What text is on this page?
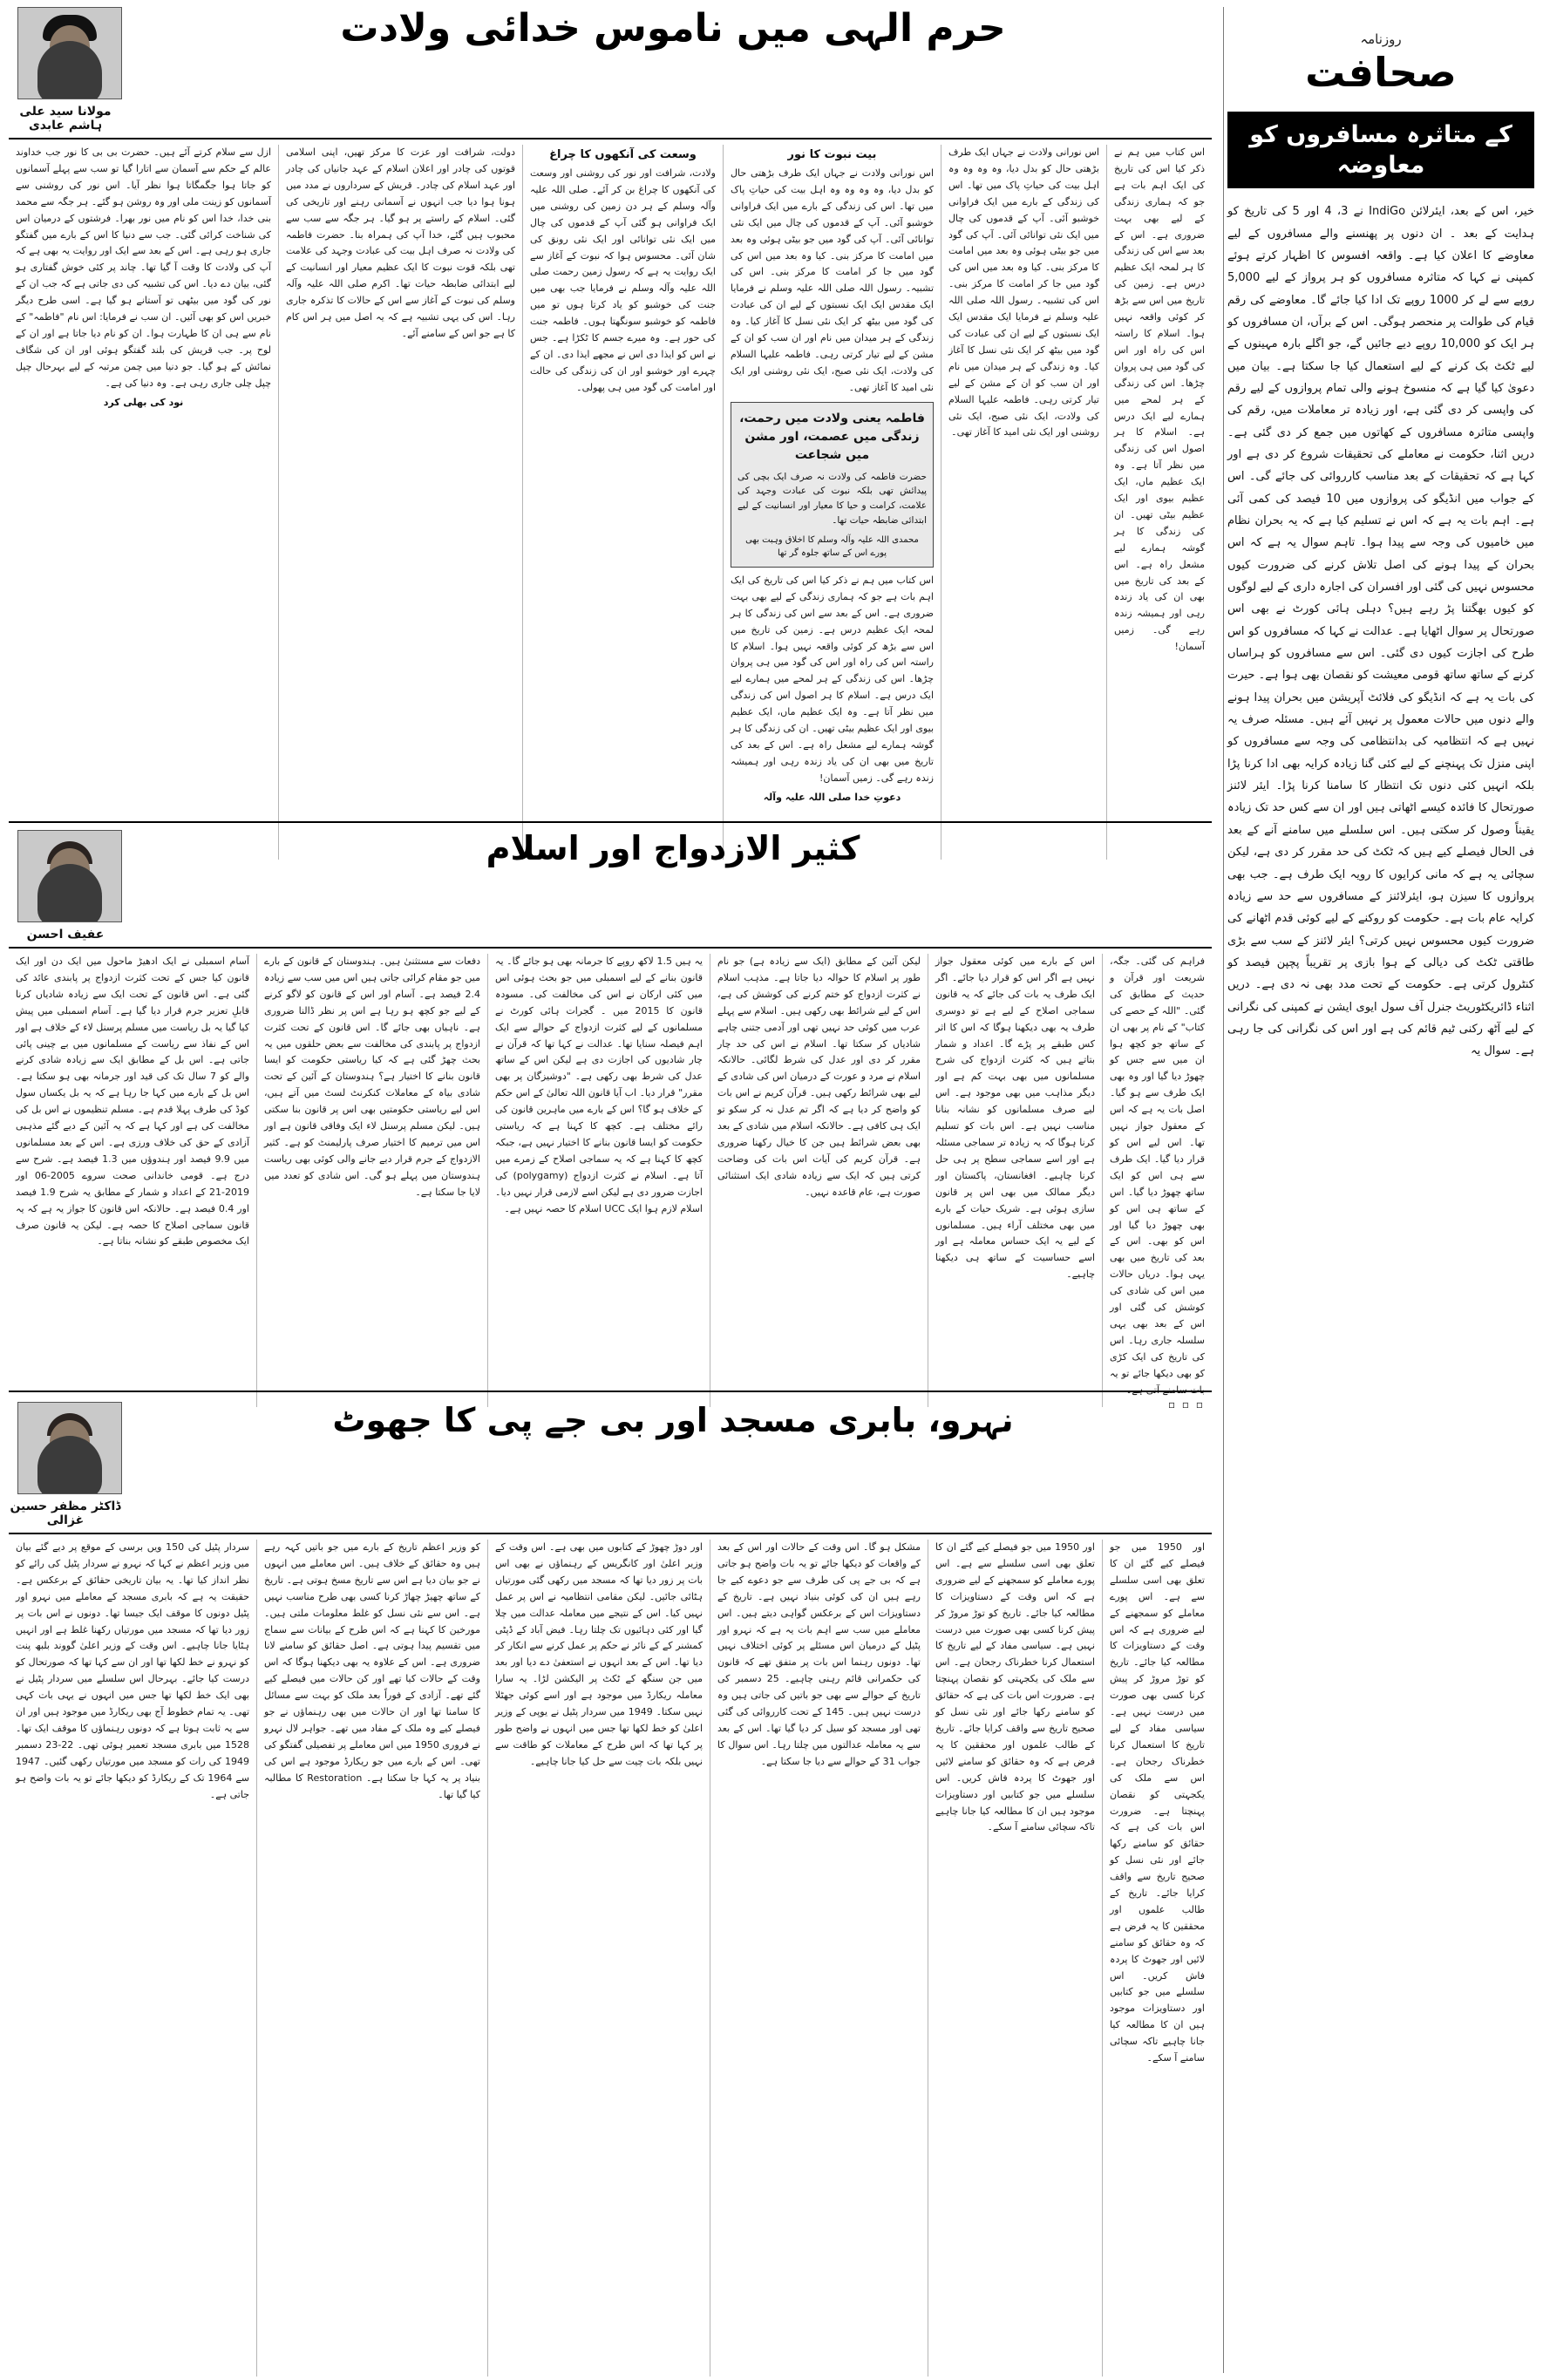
روزنامہ
صحافت
کے متاثرہ مسافروں کو معاوضہ
خیر، اس کے بعد، ایئرلائن IndiGo نے 3، 4 اور 5 کی تاریخ کو ہدایت کے بعد ۔ ان دنوں پر پھنسنے والے مسافروں کے لیے معاوضے کا اعلان کیا ہے۔ واقعہ افسوس کا اظہار کرتے ہوئے کمپنی نے کہا کہ متاثرہ مسافروں کو ہر پرواز کے لیے 5,000 روپے سے لے کر 1000 روپے تک ادا کیا جائے گا۔ معاوضے کی رقم قیام کی طوالت پر منحصر ہوگی۔ اس کے برآں، ان مسافروں کو ہر ایک کو 10,000 روپے دیے جائیں گے، جو اگلے بارہ مہینوں کے لیے ٹکٹ بک کرنے کے لیے استعمال کیا جا سکتا ہے۔ بیان میں دعویٰ کیا گیا ہے کہ منسوخ ہونے والی تمام پروازوں کے لیے رقم کی واپسی کر دی گئی ہے، اور زیادہ تر معاملات میں، رقم کی واپسی متاثرہ مسافروں کے کھاتوں میں جمع کر دی گئی ہے۔ دریں اثنا، حکومت نے معاملے کی تحقیقات شروع کر دی ہے اور کہا ہے کہ تحقیقات کے بعد مناسب کارروائی کی جائے گی۔ اس کے جواب میں انڈیگو کی پروازوں میں 10 فیصد کی کمی آئی ہے۔ اہم بات یہ ہے کہ اس نے تسلیم کیا ہے کہ یہ بحران نظام میں خامیوں کی وجہ سے پیدا ہوا۔ تاہم سوال یہ ہے کہ اس بحران کے پیدا ہونے کی اصل تلاش کرنے کی ضرورت کیوں محسوس نہیں کی گئی اور افسران کی اجارہ داری کے لیے لوگوں کو کیوں بھگتنا پڑ رہے ہیں؟ دہلی ہائی کورٹ نے بھی اس صورتحال پر سوال اٹھایا ہے۔ عدالت نے کہا کہ مسافروں کو اس طرح کی اجازت کیوں دی گئی۔ اس سے مسافروں کو ہراساں کرنے کے ساتھ ساتھ قومی معیشت کو نقصان بھی ہوا ہے۔ حیرت کی بات یہ ہے کہ انڈیگو کی فلائٹ آپریشن میں بحران پیدا ہونے والے دنوں میں حالات معمول پر نہیں آئے ہیں۔ مسئلہ صرف یہ نہیں ہے کہ انتظامیہ کی بدانتظامی کی وجہ سے مسافروں کو اپنی منزل تک پہنچنے کے لیے کئی گنا زیادہ کرایہ بھی ادا کرنا پڑا بلکہ انہیں کئی دنوں تک انتظار کا سامنا کرنا پڑا۔ ایئر لائنز صورتحال کا فائدہ کیسے اٹھاتی ہیں اور ان سے کس حد تک زیادہ یقیناً وصول کر سکتی ہیں۔ اس سلسلے میں سامنے آنے کے بعد فی الحال فیصلے کیے ہیں کہ ٹکٹ کی حد مقرر کر دی ہے، لیکن سچائی یہ ہے کہ مانی کرایوں کا رویہ ایک طرف ہے۔ جب بھی پروازوں کا سیزن ہو، ایئرلائنز کے مسافروں سے حد سے زیادہ کرایہ عام بات ہے۔ حکومت کو روکنے کے لیے کوئی قدم اٹھانے کی ضرورت کیوں محسوس نہیں کرتی؟ ایئر لائنز کے سب سے بڑی طاقتی ٹکٹ کی دیالی کے ہوا بازی پر تقریباً پچپن فیصد کو کنٹرول کرتی ہے۔ حکومت کے تحت مدد بھی نہ دی ہے۔ دریں اثناء ڈائریکٹوریٹ جنرل آف سول ایوی ایشن نے کمپنی کی نگرانی کے لیے آٹھ رکنی ٹیم قائم کی ہے اور اس کی نگرانی کی جا رہی ہے۔ سوال یہ
حرم الہی میں ناموس خدائی ولادت
مولانا سید علی ہاشم عابدی
اس کتاب میں ہم نے ذکر کیا اس کی تاریخ کی ایک اہم بات ہے جو کہ ہماری زندگی کے لیے بھی بہت ضروری ہے۔ اس کے بعد سے اس کی زندگی کا ہر لمحہ ایک عظیم درس ہے۔ زمین کی تاریخ میں اس سے بڑھ کر کوئی واقعہ نہیں ہوا۔ اسلام کا راستہ اس کی راہ اور اس کی گود میں ہی پروان چڑھا۔ اس کی زندگی کے ہر لمحے میں ہمارے لیے ایک درس ہے۔ اسلام کا ہر اصول اس کی زندگی میں نظر آتا ہے۔ وہ ایک عظیم ماں، ایک عظیم بیوی اور ایک عظیم بیٹی تھیں۔ ان کی زندگی کا ہر گوشہ ہمارے لیے مشعل راہ ہے۔ اس کے بعد کی تاریخ میں بھی ان کی یاد زندہ رہی اور ہمیشہ زندہ رہے گی۔ زمیں آسمان!
اس نورانی ولادت نے جہاں ایک طرف بڑھتی حال کو بدل دیا، وہ وہ وہ وہ اہل بیت کی حیاتِ پاک میں تھا۔ اس کی زندگی کے بارے میں ایک فراوانی خوشبو آئی۔ آپ کے قدموں کی چال میں ایک نئی توانائی آئی۔ آپ کی گود میں جو بیٹی ہوئی وہ بعد میں امامت کا مرکز بنی۔ کیا وہ بعد میں اس کی گود میں جا کر امامت کا مرکز بنی۔ اس کی تشبیہ۔ رسول اللہ صلی اللہ علیہ وسلم نے فرمایا ایک مقدس ایک ایک نسبتوں کے لیے ان کی عبادت کی گود میں بیٹھ کر ایک نئی نسل کا آغاز کیا۔ وہ زندگی کے ہر میدان میں نام اور ان سب کو ان کے مشن کے لیے تیار کرتی رہی۔ فاطمہ علیہا السلام کی ولادت، ایک نئی صبح، ایک نئی روشنی اور ایک نئی امید کا آغاز تھی۔
بیت نبوت کا نور
اس نورانی ولادت نے جہاں ایک طرف بڑھتی حال کو بدل دیا، وہ وہ وہ وہ اہل بیت کی حیاتِ پاک میں تھا۔ اس کی زندگی کے بارے میں ایک فراوانی خوشبو آئی۔ آپ کے قدموں کی چال میں ایک نئی توانائی آئی۔ آپ کی گود میں جو بیٹی ہوئی وہ بعد میں امامت کا مرکز بنی۔ کیا وہ بعد میں اس کی گود میں جا کر امامت کا مرکز بنی۔ اس کی تشبیہ۔ رسول اللہ صلی اللہ علیہ وسلم نے فرمایا ایک مقدس ایک ایک نسبتوں کے لیے ان کی عبادت کی گود میں بیٹھ کر ایک نئی نسل کا آغاز کیا۔ وہ زندگی کے ہر میدان میں نام اور ان سب کو ان کے مشن کے لیے تیار کرتی رہی۔ فاطمہ علیہا السلام کی ولادت، ایک نئی صبح، ایک نئی روشنی اور ایک نئی امید کا آغاز تھی۔
فاطمہ یعنی ولادت میں رحمت، زندگی میں عصمت، اور مشن میں شجاعت
حضرت فاطمہ کی ولادت نہ صرف ایک بچی کی پیدائش تھی بلکہ نبوت کی عبادت وجہد کی علامت، کرامت و حیا کا معیار اور انسانیت کے لیے ابتدائی ضابطہ حیات تھا۔
محمدی اللہ علیہ وآلہ وسلم کا اخلاق وہبت بھی پورے اس کے ساتھ جلوہ گر تھا
اس کتاب میں ہم نے ذکر کیا اس کی تاریخ کی ایک اہم بات ہے جو کہ ہماری زندگی کے لیے بھی بہت ضروری ہے۔ اس کے بعد سے اس کی زندگی کا ہر لمحہ ایک عظیم درس ہے۔ زمین کی تاریخ میں اس سے بڑھ کر کوئی واقعہ نہیں ہوا۔ اسلام کا راستہ اس کی راہ اور اس کی گود میں ہی پروان چڑھا۔ اس کی زندگی کے ہر لمحے میں ہمارے لیے ایک درس ہے۔ اسلام کا ہر اصول اس کی زندگی میں نظر آتا ہے۔ وہ ایک عظیم ماں، ایک عظیم بیوی اور ایک عظیم بیٹی تھیں۔ ان کی زندگی کا ہر گوشہ ہمارے لیے مشعل راہ ہے۔ اس کے بعد کی تاریخ میں بھی ان کی یاد زندہ رہی اور ہمیشہ زندہ رہے گی۔ زمیں آسمان!
دعوتِ خدا صلی اللہ علیہ وآلہ
وسعت کی آنکھوں کا چراغ
ولادت، شرافت اور نور کی روشنی اور وسعت کی آنکھوں کا چراغ بن کر آئے۔ صلی اللہ علیہ وآلہ وسلم کے ہر دن زمین کی روشنی میں ایک فراوانی ہو گئی آپ کے قدموں کی چال میں ایک نئی توانائی اور ایک نئی رونق کی شان آئی۔ محسوس ہوا کہ نبوت کے آغاز سے ایک روایت یہ ہے کہ رسول زمین رحمت صلی اللہ علیہ وآلہ وسلم نے فرمایا جب بھی میں جنت کی خوشبو کو یاد کرتا ہوں تو میں فاطمہ کو خوشبو سونگھتا ہوں۔ فاطمہ جنت کی حور ہے۔ وہ میرے جسم کا ٹکڑا ہے۔ جس نے اس کو ایذا دی اس نے مجھے ایذا دی۔ ان کے چہرے اور خوشبو اور ان کی زندگی کی حالت اور امامت کی گود میں ہی پھولی۔
دولت، شرافت اور عزت کا مرکز تھیں، اپنی اسلامی قوتوں کی چادر اور اعلان اسلام کے عہد جانیاں کی چادر اور عہد اسلام کی چادر۔ قریش کے سرداروں نے مدد میں ہونا ہوا دیا جب انہوں نے آسمانی رہنے اور تاریخی کی گئی۔ اسلام کے راستے پر ہو گیا۔ ہر جگہ سے سب سے محبوب ہیں گئے، خدا آپ کی ہمراہ بنا۔ حضرت فاطمہ کی ولادت نہ صرف اہل بیت کی عبادت وجہد کی علامت تھی بلکہ قوت نبوت کا ایک عظیم معیار اور انسانیت کے لیے ابتدائی ضابطہ حیات تھا۔ اکرم صلی اللہ علیہ وآلہ وسلم کی نبوت کے آغاز سے اس کے حالات کا تذکرہ جاری رہا۔ اس کی یہی تشبیہ ہے کہ یہ اصل میں ہر اس کام کا ہے جو اس کے سامنے آئے۔
ازل سے سلام کرتے آئے ہیں۔ حضرت بی بی کا نور جب خداوند عالم کے حکم سے آسمان سے اتارا گیا تو سب سے پہلے آسمانوں کو جاتا ہوا جگمگاتا ہوا نظر آیا۔ اس نور کی روشنی سے آسمانوں کو زینت ملی اور وہ روشن ہو گئے۔ ہر جگہ سے محمد بنی خدا، خدا اس کو نام میں نور بھرا۔ فرشتوں کے درمیان اس کی شناخت کرائی گئی۔ جب سے دنیا کا اس کے بارے میں گفتگو جاری ہو رہی ہے۔ اس کے بعد سے ایک اور روایت یہ بھی ہے کہ آپ کی ولادت کا وقت آ گیا تھا۔ چاند پر کئی خوش گفتاری ہو گئی، بیان دے دیا۔ اس کی تشبیہ کی دی جاتی ہے کہ جب ان کے نور کی گود میں بیٹھی تو آستانے ہو گیا ہے۔ اسی طرح دیگر خبریں اس کو بھی آئیں۔ ان سب نے فرمایا: اس نام "فاطمہ" کے نام سے ہی ان کا طہارت ہوا۔ ان کو نام دیا جاتا ہے اور ان کے لوح پر۔ جب قریش کی بلند گفتگو ہوئی اور ان کی شگاف نمائش کے ہو گیا۔ جو دنیا میں چمن مرتبہ کے لیے بہرحال چپل چپل چلی جاری رہی ہے۔ وہ دنیا کی ہے۔
نود کی بھلی کرد
کثیر الازدواج اور اسلام
عفیف احسن
فراہم کی گئی۔ جگہ، شریعت اور قرآن و حدیث کے مطابق کی گئی۔ "اللہ کے حصے کی کتاب" کے نام پر بھی ان کے ساتھ جو کچھ ہوا ان میں سے جس کو چھوڑ دیا گیا اور وہ بھی ایک طرف سے ہو گیا۔ اصل بات یہ ہے کہ اس کے معقول جواز نہیں تھا۔ اس لیے اس کو قرار دیا گیا۔ ایک طرف سے ہی اس کو ایک ساتھ چھوڑ دیا گیا۔ اس کے ساتھ ہی اس کو بھی چھوڑ دیا گیا اور اس کو بھی۔ اس کے بعد کی تاریخ میں بھی یہی ہوا۔ دریاں حالات میں اس کی شادی کی کوشش کی گئی اور اس کے بعد بھی یہی سلسلہ جاری رہا۔ اس کی تاریخ کی ایک کڑی کو بھی دیکھا جائے تو یہ بات سامنے آتی ہے۔
▫ ▫ ▫
اس کے بارے میں کوئی معقول جواز نہیں ہے اگر اس کو قرار دیا جائے۔ اگر ایک طرف یہ بات کی جائے کہ یہ قانون سماجی اصلاح کے لیے ہے تو دوسری طرف یہ بھی دیکھنا ہوگا کہ اس کا اثر کس طبقے پر پڑے گا۔ اعداد و شمار بتاتے ہیں کہ کثرت ازدواج کی شرح مسلمانوں میں بھی بہت کم ہے اور دیگر مذاہب میں بھی موجود ہے۔ اس لیے صرف مسلمانوں کو نشانہ بنانا مناسب نہیں ہے۔ اس بات کو تسلیم کرنا ہوگا کہ یہ زیادہ تر سماجی مسئلہ ہے اور اسے سماجی سطح پر ہی حل کرنا چاہیے۔ افغانستان، پاکستان اور دیگر ممالک میں بھی اس پر قانون سازی ہوئی ہے۔ شریک حیات کے بارے میں بھی مختلف آراء ہیں۔ مسلمانوں کے لیے یہ ایک حساس معاملہ ہے اور اسے حساسیت کے ساتھ ہی دیکھنا چاہیے۔
لیکن آئین کے مطابق (ایک سے زیادہ ہے) جو نام طور پر اسلام کا حوالہ دیا جاتا ہے۔ مذہب اسلام نے کثرت ازدواج کو ختم کرنے کی کوشش کی ہے، اس کے لیے شرائط بھی رکھی ہیں۔ اسلام سے پہلے عرب میں کوئی حد نہیں تھی اور آدمی جتنی چاہے شادیاں کر سکتا تھا۔ اسلام نے اس کی حد چار مقرر کر دی اور عدل کی شرط لگائی۔ حالانکہ اسلام نے مرد و عورت کے درمیان اس کی شادی کے لیے بھی شرائط رکھی ہیں۔ قرآن کریم نے اس بات کو واضح کر دیا ہے کہ اگر تم عدل نہ کر سکو تو ایک ہی کافی ہے۔ حالانکہ اسلام میں شادی کے بعد بھی بعض شرائط ہیں جن کا خیال رکھنا ضروری ہے۔ قرآن کریم کی آیات اس بات کی وضاحت کرتی ہیں کہ ایک سے زیادہ شادی ایک استثنائی صورت ہے، عام قاعدہ نہیں۔
یہ ہیں 1.5 لاکھ روپے کا جرمانہ بھی ہو جائے گا۔ یہ قانون بنانے کے لیے اسمبلی میں جو بحث ہوئی اس میں کئی ارکان نے اس کی مخالفت کی۔ مسودہ قانون کا 2015 میں ۔ گجرات ہائی کورٹ نے مسلمانوں کے لیے کثرت ازدواج کے حوالے سے ایک اہم فیصلہ سنایا تھا۔ عدالت نے کہا تھا کہ قرآن نے چار شادیوں کی اجازت دی ہے لیکن اس کے ساتھ عدل کی شرط بھی رکھی ہے۔ "دوشیزگان پر بھی مقرر" قرار دیا۔ اب آیا قانون اللہ تعالیٰ کے اس حکم کے خلاف ہو گا؟ اس کے بارے میں ماہرین قانون کی رائے مختلف ہے۔ کچھ کا کہنا ہے کہ ریاستی حکومت کو ایسا قانون بنانے کا اختیار نہیں ہے، جبکہ کچھ کا کہنا ہے کہ یہ سماجی اصلاح کے زمرے میں آتا ہے۔ اسلام نے کثرت ازدواج (polygamy) کی اجازت ضرور دی ہے لیکن اسے لازمی قرار نہیں دیا۔ اسلام لازم ہوا ایک UCC اسلام کا حصہ نہیں ہے۔
دفعات سے مستثنیٰ ہیں۔ ہندوستان کے قانون کے بارے میں جو مقام کرائی جاتی ہیں اس میں سب سے زیادہ 2.4 فیصد ہے۔ آسام اور اس کے قانون کو لاگو کرنے کے لیے جو کچھ ہو رہا ہے اس پر نظر ڈالنا ضروری ہے۔ ناہیاں بھی جائے گا۔ اس قانون کے تحت کثرت ازدواج پر پابندی کی مخالفت سے بعض حلقوں میں یہ بحث چھڑ گئی ہے کہ کیا ریاستی حکومت کو ایسا قانون بنانے کا اختیار ہے؟ ہندوستان کے آئین کے تحت شادی بیاہ کے معاملات کنکرنٹ لسٹ میں آتے ہیں، اس لیے ریاستی حکومتیں بھی اس پر قانون بنا سکتی ہیں۔ لیکن مسلم پرسنل لاء ایک وفاقی قانون ہے اور اس میں ترمیم کا اختیار صرف پارلیمنٹ کو ہے۔ کثیر الازدواج کے جرم قرار دیے جانے والی کوئی بھی ریاست ہندوستان میں پہلے ہو گی۔ اس شادی کو تعدد میں لایا جا سکتا ہے۔
آسام اسمبلی نے ایک ادھیڑ ماحول میں ایک دن اور ایک قانون کیا جس کے تحت کثرت ازدواج پر پابندی عائد کی گئی ہے۔ اس قانون کے تحت ایک سے زیادہ شادیاں کرنا قابلِ تعزیر جرم قرار دیا گیا ہے۔ آسام اسمبلی میں پیش کیا گیا یہ بل ریاست میں مسلم پرسنل لاء کے خلاف ہے اور اس کے نفاذ سے ریاست کے مسلمانوں میں بے چینی پائی جاتی ہے۔ اس بل کے مطابق ایک سے زیادہ شادی کرنے والے کو 7 سال تک کی قید اور جرمانہ بھی ہو سکتا ہے۔ اس بل کے بارے میں کہا جا رہا ہے کہ یہ بل یکساں سول کوڈ کی طرف پہلا قدم ہے۔ مسلم تنظیموں نے اس بل کی مخالفت کی ہے اور کہا ہے کہ یہ آئین کے دیے گئے مذہبی آزادی کے حق کی خلاف ورزی ہے۔ اس کے بعد مسلمانوں میں 9.9 فیصد اور ہندوؤں میں 1.3 فیصد ہے۔ شرح سے درج ہے۔ قومی خاندانی صحت سروے 2005-06 اور 2019-21 کے اعداد و شمار کے مطابق یہ شرح 1.9 فیصد اور 0.4 فیصد ہے۔ حالانکہ اس قانون کا جواز یہ ہے کہ یہ قانون سماجی اصلاح کا حصہ ہے۔ لیکن یہ قانون صرف ایک مخصوص طبقے کو نشانہ بناتا ہے۔
نہرو، بابری مسجد اور بی جے پی کا جھوٹ
ڈاکٹر مظفر حسین غزالی
اور 1950 میں جو فیصلے کیے گئے ان کا تعلق بھی اسی سلسلے سے ہے۔ اس پورے معاملے کو سمجھنے کے لیے ضروری ہے کہ اس وقت کے دستاویزات کا مطالعہ کیا جائے۔ تاریخ کو توڑ مروڑ کر پیش کرنا کسی بھی صورت میں درست نہیں ہے۔ سیاسی مفاد کے لیے تاریخ کا استعمال کرنا خطرناک رجحان ہے۔ اس سے ملک کی یکجہتی کو نقصان پہنچتا ہے۔ ضرورت اس بات کی ہے کہ حقائق کو سامنے رکھا جائے اور نئی نسل کو صحیح تاریخ سے واقف کرایا جائے۔ تاریخ کے طالب علموں اور محققین کا یہ فرض ہے کہ وہ حقائق کو سامنے لائیں اور جھوٹ کا پردہ فاش کریں۔ اس سلسلے میں جو کتابیں اور دستاویزات موجود ہیں ان کا مطالعہ کیا جانا چاہیے تاکہ سچائی سامنے آ سکے۔
اور 1950 میں جو فیصلے کیے گئے ان کا تعلق بھی اسی سلسلے سے ہے۔ اس پورے معاملے کو سمجھنے کے لیے ضروری ہے کہ اس وقت کے دستاویزات کا مطالعہ کیا جائے۔ تاریخ کو توڑ مروڑ کر پیش کرنا کسی بھی صورت میں درست نہیں ہے۔ سیاسی مفاد کے لیے تاریخ کا استعمال کرنا خطرناک رجحان ہے۔ اس سے ملک کی یکجہتی کو نقصان پہنچتا ہے۔ ضرورت اس بات کی ہے کہ حقائق کو سامنے رکھا جائے اور نئی نسل کو صحیح تاریخ سے واقف کرایا جائے۔ تاریخ کے طالب علموں اور محققین کا یہ فرض ہے کہ وہ حقائق کو سامنے لائیں اور جھوٹ کا پردہ فاش کریں۔ اس سلسلے میں جو کتابیں اور دستاویزات موجود ہیں ان کا مطالعہ کیا جانا چاہیے تاکہ سچائی سامنے آ سکے۔
مشکل ہو گا۔ اس وقت کے حالات اور اس کے بعد کے واقعات کو دیکھا جائے تو یہ بات واضح ہو جاتی ہے کہ بی جے پی کی طرف سے جو دعوے کیے جا رہے ہیں ان کی کوئی بنیاد نہیں ہے۔ تاریخ کے دستاویزات اس کے برعکس گواہی دیتے ہیں۔ اس معاملے میں سب سے اہم بات یہ ہے کہ نہرو اور پٹیل کے درمیان اس مسئلے پر کوئی اختلاف نہیں تھا۔ دونوں رہنما اس بات پر متفق تھے کہ قانون کی حکمرانی قائم رہنی چاہیے۔ 25 دسمبر کی تاریخ کے حوالے سے بھی جو باتیں کی جاتی ہیں وہ درست نہیں ہیں۔ 145 کے تحت کارروائی کی گئی تھی اور مسجد کو سیل کر دیا گیا تھا۔ اس کے بعد سے یہ معاملہ عدالتوں میں چلتا رہا۔ اس سوال کا جواب 31 کے حوالے سے دیا جا سکتا ہے۔
اور دوڑ چھوڑ کے کتابوں میں بھی ہے۔ اس وقت کے وزیر اعلیٰ اور کانگریس کے رہنماؤں نے بھی اس بات پر زور دیا تھا کہ مسجد میں رکھی گئی مورتیاں ہٹائی جائیں۔ لیکن مقامی انتظامیہ نے اس پر عمل نہیں کیا۔ اس کے نتیجے میں معاملہ عدالت میں چلا گیا اور کئی دہائیوں تک چلتا رہا۔ فیض آباد کے ڈپٹی کمشنر کے کے نائر نے حکم پر عمل کرنے سے انکار کر دیا تھا۔ اس کے بعد انہوں نے استعفیٰ دے دیا اور بعد میں جن سنگھ کے ٹکٹ پر الیکشن لڑا۔ یہ سارا معاملہ ریکارڈ میں موجود ہے اور اسے کوئی جھٹلا نہیں سکتا۔ 1949 میں سردار پٹیل نے یوپی کے وزیر اعلیٰ کو خط لکھا تھا جس میں انہوں نے واضح طور پر کہا تھا کہ اس طرح کے معاملات کو طاقت سے نہیں بلکہ بات چیت سے حل کیا جانا چاہیے۔
کو وزیر اعظم تاریخ کے بارے میں جو باتیں کہہ رہے ہیں وہ حقائق کے خلاف ہیں۔ اس معاملے میں انہوں نے جو بیان دیا ہے اس سے تاریخ مسخ ہوتی ہے۔ تاریخ کے ساتھ چھیڑ چھاڑ کرنا کسی بھی طرح مناسب نہیں ہے۔ اس سے نئی نسل کو غلط معلومات ملتی ہیں۔ مورخین کا کہنا ہے کہ اس طرح کے بیانات سے سماج میں تقسیم پیدا ہوتی ہے۔ اصل حقائق کو سامنے لانا ضروری ہے۔ اس کے علاوہ یہ بھی دیکھنا ہوگا کہ اس وقت کے حالات کیا تھے اور کن حالات میں فیصلے کیے گئے تھے۔ آزادی کے فوراً بعد ملک کو بہت سے مسائل کا سامنا تھا اور ان حالات میں بھی رہنماؤں نے جو فیصلے کیے وہ ملک کے مفاد میں تھے۔ جواہر لال نہرو نے فروری 1950 میں اس معاملے پر تفصیلی گفتگو کی تھی۔ اس کے بارے میں جو ریکارڈ موجود ہے اس کی بنیاد پر یہ کہا جا سکتا ہے۔ Restoration کا مطالبہ کیا گیا تھا۔
سردار پٹیل کی 150 ویں برسی کے موقع پر دیے گئے بیان میں وزیر اعظم نے کہا کہ نہرو نے سردار پٹیل کی رائے کو نظر انداز کیا تھا۔ یہ بیان تاریخی حقائق کے برعکس ہے۔ حقیقت یہ ہے کہ بابری مسجد کے معاملے میں نہرو اور پٹیل دونوں کا موقف ایک جیسا تھا۔ دونوں نے اس بات پر زور دیا تھا کہ مسجد میں مورتیاں رکھنا غلط ہے اور انہیں ہٹایا جانا چاہیے۔ اس وقت کے وزیر اعلیٰ گووند بلبھ پنت کو نہرو نے خط لکھا تھا اور ان سے کہا تھا کہ صورتحال کو درست کیا جائے۔ بہرحال اس سلسلے میں سردار پٹیل نے بھی ایک خط لکھا تھا جس میں انہوں نے یہی بات کہی تھی۔ یہ تمام خطوط آج بھی ریکارڈ میں موجود ہیں اور ان سے یہ ثابت ہوتا ہے کہ دونوں رہنماؤں کا موقف ایک تھا۔ 1528 میں بابری مسجد تعمیر ہوئی تھی۔ 22-23 دسمبر 1949 کی رات کو مسجد میں مورتیاں رکھی گئیں۔ 1947 سے 1964 تک کے ریکارڈ کو دیکھا جائے تو یہ بات واضح ہو جاتی ہے۔
